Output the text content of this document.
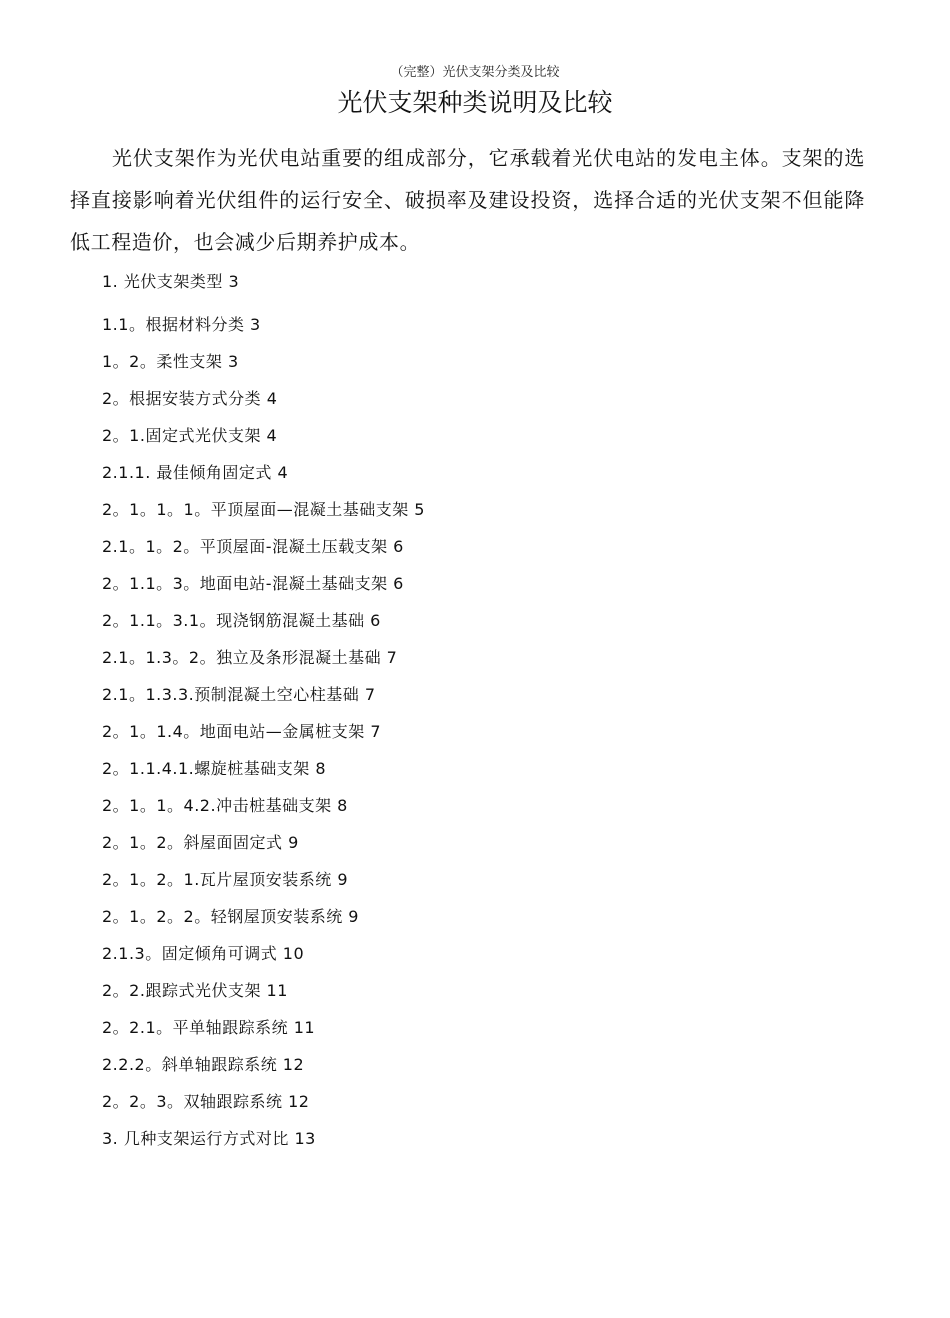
（完整）光伏支架分类及比较
光伏支架种类说明及比较

光伏支架作为光伏电站重要的组成部分，它承载着光伏电站的发电主体。支架的选择直接影响着光伏组件的运行安全、破损率及建设投资，选择合适的光伏支架不但能降低工程造价，也会减少后期养护成本。

1. 光伏支架类型 3
1.1。根据材料分类 3
1。2。柔性支架 3
2。根据安装方式分类 4
2。1.固定式光伏支架 4
2.1.1. 最佳倾角固定式 4
2。1。1。1。平顶屋面—混凝土基础支架 5
2.1。1。2。平顶屋面-混凝土压载支架 6
2。1.1。3。地面电站-混凝土基础支架 6
2。1.1。3.1。现浇钢筋混凝土基础 6
2.1。1.3。2。独立及条形混凝土基础 7
2.1。1.3.3.预制混凝土空心柱基础 7
2。1。1.4。地面电站—金属桩支架 7
2。1.1.4.1.螺旋桩基础支架 8
2。1。1。4.2.冲击桩基础支架 8
2。1。2。斜屋面固定式 9
2。1。2。1.瓦片屋顶安装系统 9
2。1。2。2。轻钢屋顶安装系统 9
2.1.3。固定倾角可调式 10
2。2.跟踪式光伏支架 11
2。2.1。平单轴跟踪系统 11
2.2.2。斜单轴跟踪系统 12
2。2。3。双轴跟踪系统 12
3. 几种支架运行方式对比 13
